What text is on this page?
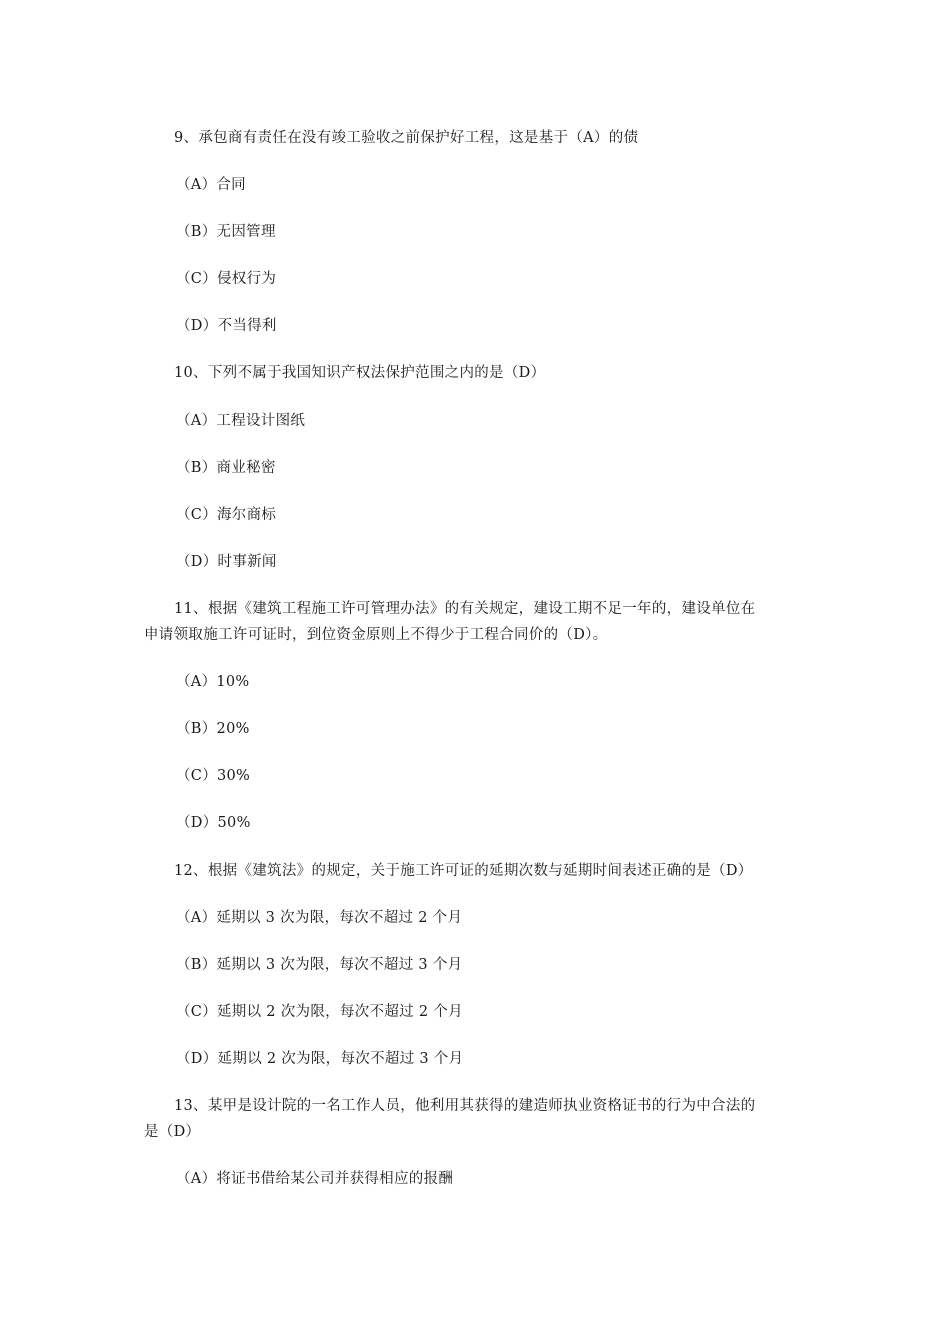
9、承包商有责任在没有竣工验收之前保护好工程，这是基于（A）的债
（A）合同
（B）无因管理
（C）侵权行为
（D）不当得利
10、下列不属于我国知识产权法保护范围之内的是（D）
（A）工程设计图纸
（B）商业秘密
（C）海尔商标
（D）时事新闻
11、根据《建筑工程施工许可管理办法》的有关规定，建设工期不足一年的，建设单位在
申请领取施工许可证时，到位资金原则上不得少于工程合同价的（D）。
（A）10%
（B）20%
（C）30%
（D）50%
12、根据《建筑法》的规定，关于施工许可证的延期次数与延期时间表述正确的是（D）
（A）延期以 3 次为限，每次不超过 2 个月
（B）延期以 3 次为限，每次不超过 3 个月
（C）延期以 2 次为限，每次不超过 2 个月
（D）延期以 2 次为限，每次不超过 3 个月
13、某甲是设计院的一名工作人员，他利用其获得的建造师执业资格证书的行为中合法的
是（D）
（A）将证书借给某公司并获得相应的报酬
